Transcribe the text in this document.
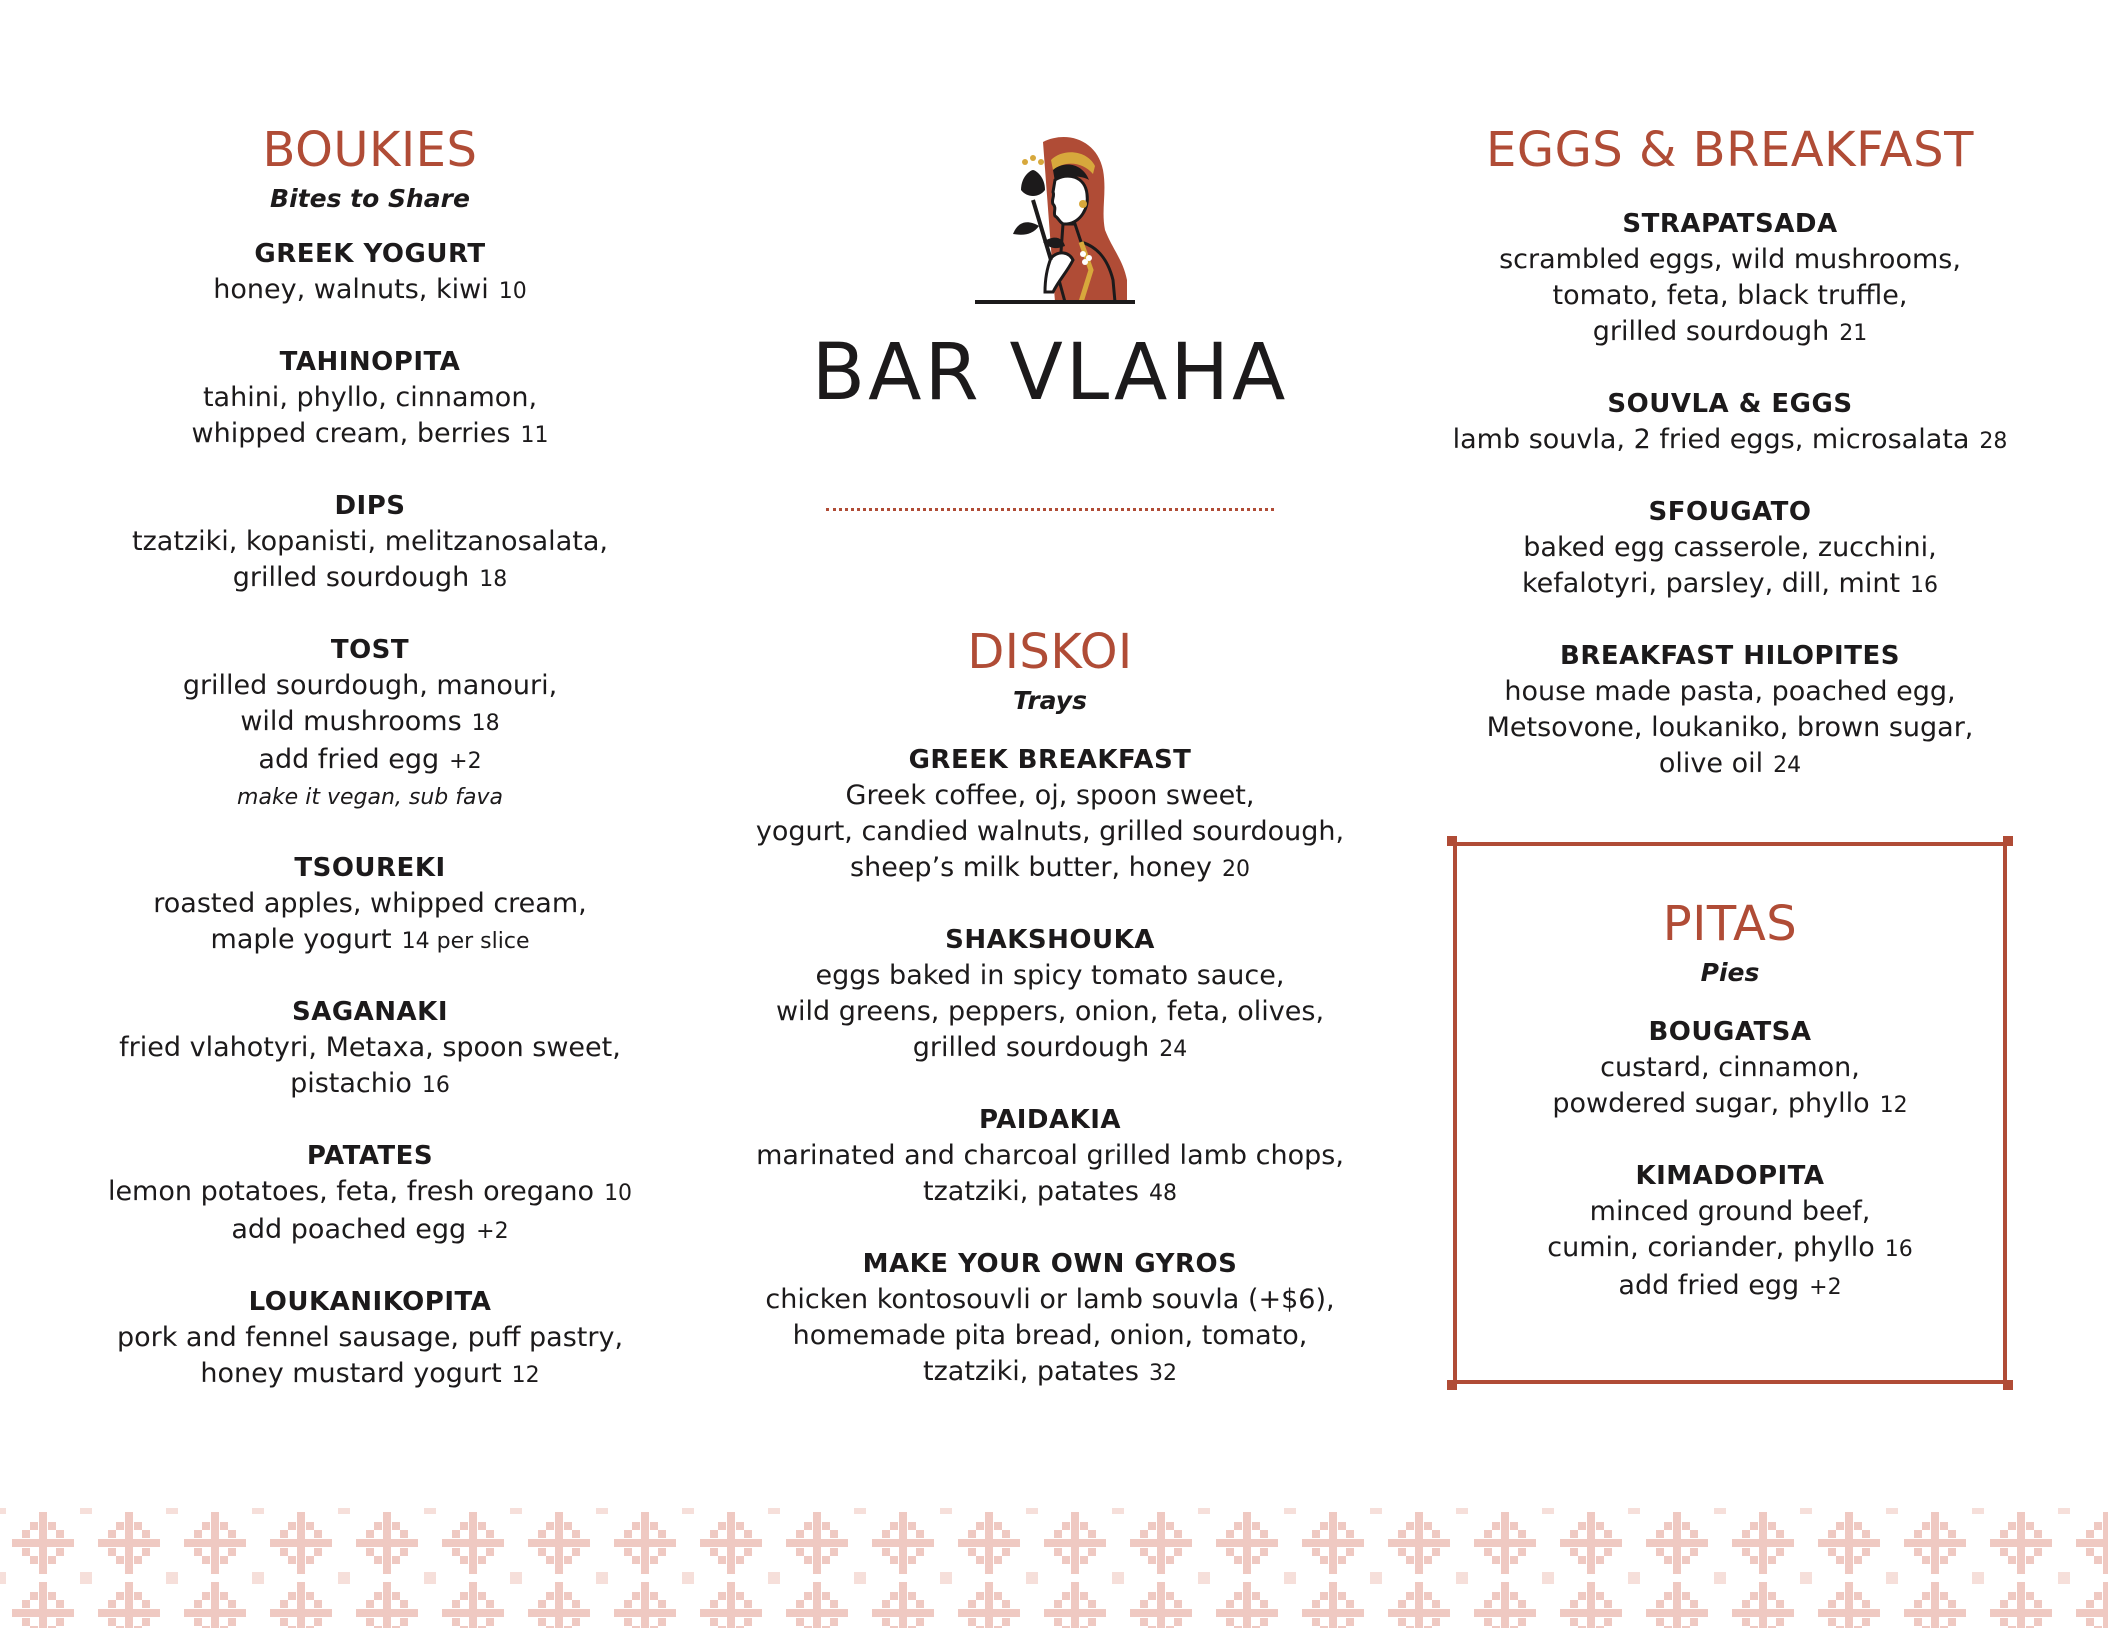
BOUKIES
Bites to Share
GREEK YOGURT
honey, walnuts, kiwi 10
TAHINOPITA
tahini, phyllo, cinnamon,
whipped cream, berries 11
DIPS
tzatziki, kopanisti, melitzanosalata,
grilled sourdough 18
TOST
grilled sourdough, manouri,
wild mushrooms 18
add fried egg +2
make it vegan, sub fava
TSOUREKI
roasted apples, whipped cream,
maple yogurt 14 per slice
SAGANAKI
fried vlahotyri, Metaxa, spoon sweet,
pistachio 16
PATATES
lemon potatoes, feta, fresh oregano 10
add poached egg +2
LOUKANIKOPITA
pork and fennel sausage, puff pastry,
honey mustard yogurt 12
BAR VLAHA
DISKOI
Trays
GREEK BREAKFAST
Greek coffee, oj, spoon sweet,
yogurt, candied walnuts, grilled sourdough,
sheep’s milk butter, honey 20
SHAKSHOUKA
eggs baked in spicy tomato sauce,
wild greens, peppers, onion, feta, olives,
grilled sourdough 24
PAIDAKIA
marinated and charcoal grilled lamb chops,
tzatziki, patates 48
MAKE YOUR OWN GYROS
chicken kontosouvli or lamb souvla (+$6),
homemade pita bread, onion, tomato,
tzatziki, patates 32
EGGS & BREAKFAST
STRAPATSADA
scrambled eggs, wild mushrooms,
tomato, feta, black truffle,
grilled sourdough 21
SOUVLA & EGGS
lamb souvla, 2 fried eggs, microsalata 28
SFOUGATO
baked egg casserole, zucchini,
kefalotyri, parsley, dill, mint 16
BREAKFAST HILOPITES
house made pasta, poached egg,
Metsovone, loukaniko, brown sugar,
olive oil 24
PITAS
Pies
BOUGATSA
custard, cinnamon,
powdered sugar, phyllo 12
KIMADOPITA
minced ground beef,
cumin, coriander, phyllo 16
add fried egg +2
